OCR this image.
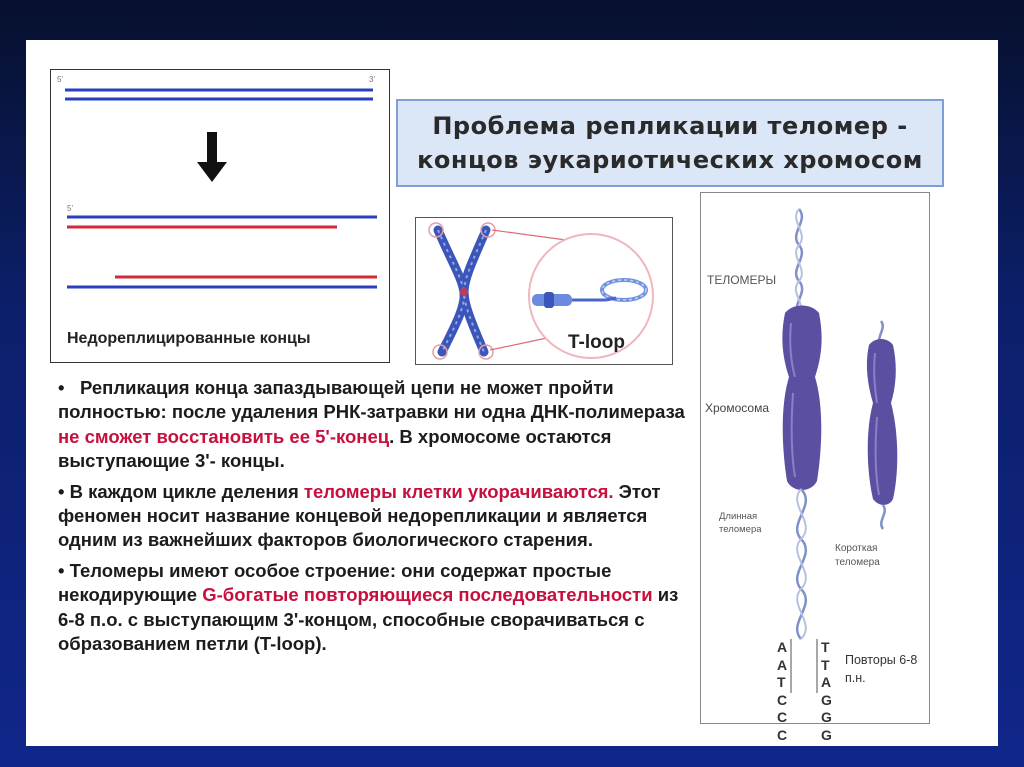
5'	3'
5'
Недореплицированные концы
Проблема репликации теломер -
концов эукариотических хромосом
T-loop
ТЕЛОМЕРЫ
Хромосома
Длинная
теломера
Короткая
теломера
A
A
T
C
C
C
T
T
A
G
G
G
Повторы 6-8
п.н.

• Репликация конца запаздывающей цепи не может пройти полностью: после удаления РНК-затравки ни одна ДНК-полимераза не сможет восстановить ее 5'-конец. В хромосоме остаются выступающие 3'- концы.

• В каждом цикле деления теломеры клетки укорачиваются. Этот феномен носит название концевой недорепликации и является одним из важнейших факторов биологического старения.

• Теломеры имеют особое строение: они содержат простые некодирующие G-богатые повторяющиеся последовательности из 6-8 п.о. с выступающим 3'-концом, способные сворачиваться с образованием петли (T-loop).
